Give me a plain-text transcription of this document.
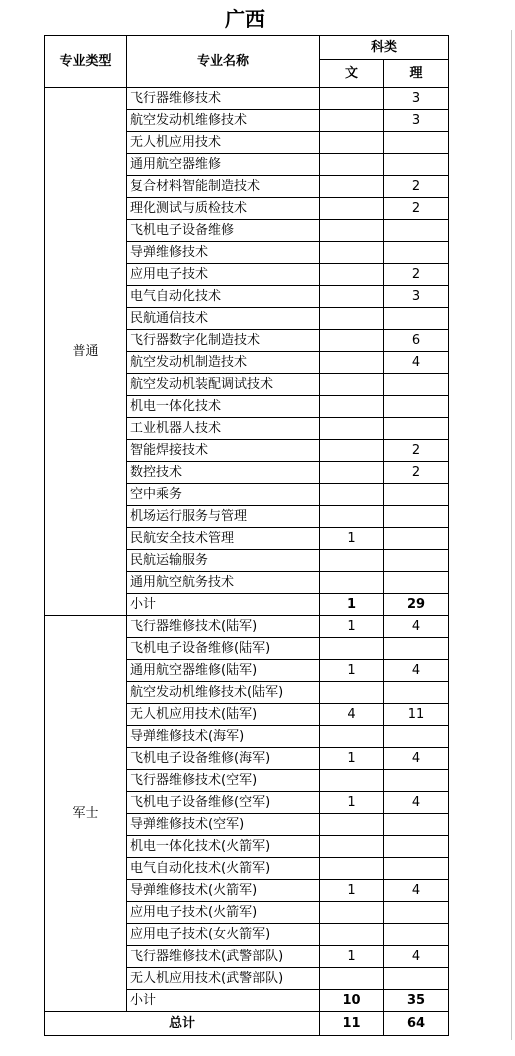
广西
专业类型	专业名称	科类	
		文	理
普通	飞行器维修技术		3
	航空发动机维修技术		3
	无人机应用技术		
	通用航空器维修		
	复合材料智能制造技术		2
	理化测试与质检技术		2
	飞机电子设备维修		
	导弹维修技术		
	应用电子技术		2
	电气自动化技术		3
	民航通信技术		
	飞行器数字化制造技术		6
	航空发动机制造技术		4
	航空发动机装配调试技术		
	机电一体化技术		
	工业机器人技术		
	智能焊接技术		2
	数控技术		2
	空中乘务		
	机场运行服务与管理		
	民航安全技术管理	1	
	民航运输服务		
	通用航空航务技术		
	小计	1	29
军士	飞行器维修技术(陆军)	1	4
	飞机电子设备维修(陆军)		
	通用航空器维修(陆军)	1	4
	航空发动机维修技术(陆军)		
	无人机应用技术(陆军)	4	11
	导弹维修技术(海军)		
	飞机电子设备维修(海军)	1	4
	飞行器维修技术(空军)		
	飞机电子设备维修(空军)	1	4
	导弹维修技术(空军)		
	机电一体化技术(火箭军)		
	电气自动化技术(火箭军)		
	导弹维修技术(火箭军)	1	4
	应用电子技术(火箭军)		
	应用电子技术(女火箭军)		
	飞行器维修技术(武警部队)	1	4
	无人机应用技术(武警部队)		
	小计	10	35
总计		11	64
